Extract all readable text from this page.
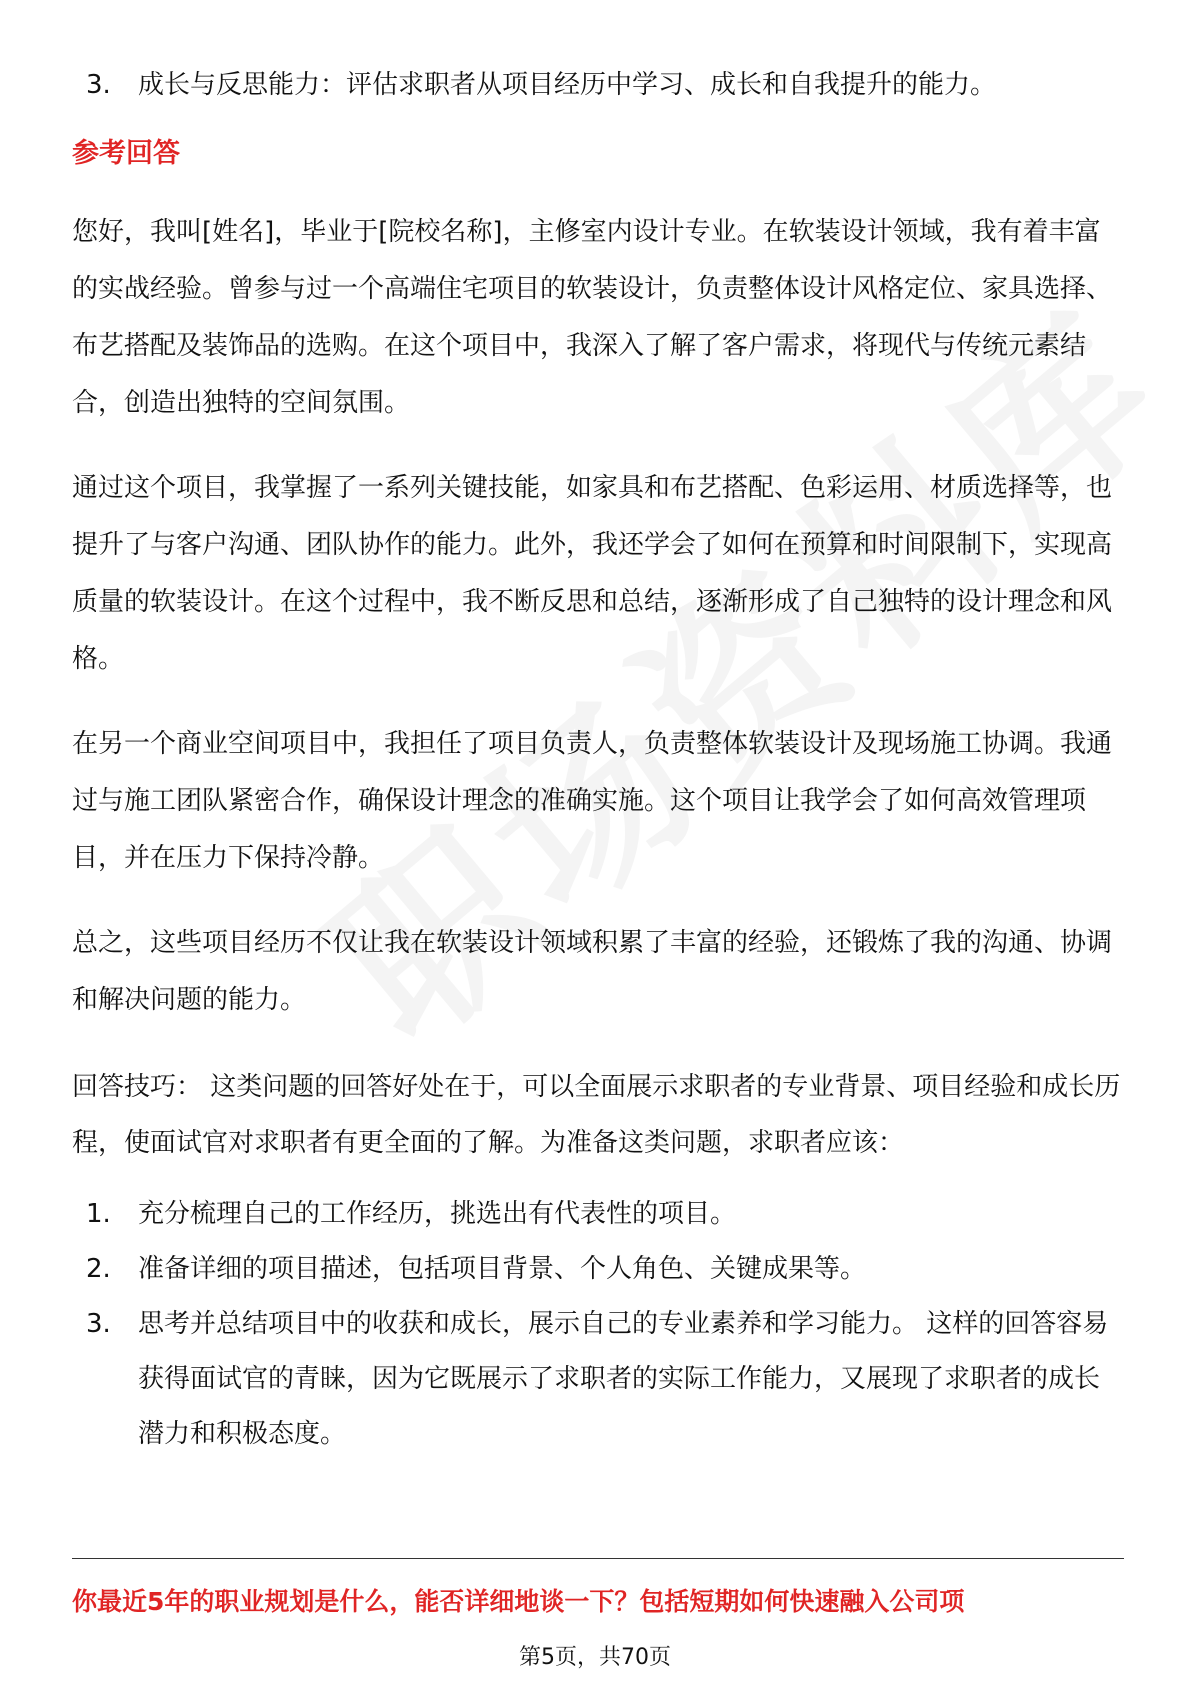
3.	成长与反思能力：评估求职者从项目经历中学习、成长和自我提升的能力。
参考回答
您好，我叫[姓名]，毕业于[院校名称]，主修室内设计专业。在软装设计领域，我有着丰富的实战经验。曾参与过一个高端住宅项目的软装设计，负责整体设计风格定位、家具选择、布艺搭配及装饰品的选购。在这个项目中，我深入了解了客户需求，将现代与传统元素结合，创造出独特的空间氛围。
通过这个项目，我掌握了一系列关键技能，如家具和布艺搭配、色彩运用、材质选择等，也提升了与客户沟通、团队协作的能力。此外，我还学会了如何在预算和时间限制下，实现高质量的软装设计。在这个过程中，我不断反思和总结，逐渐形成了自己独特的设计理念和风格。
在另一个商业空间项目中，我担任了项目负责人，负责整体软装设计及现场施工协调。我通过与施工团队紧密合作，确保设计理念的准确实施。这个项目让我学会了如何高效管理项目，并在压力下保持冷静。
总之，这些项目经历不仅让我在软装设计领域积累了丰富的经验，还锻炼了我的沟通、协调和解决问题的能力。
回答技巧： 这类问题的回答好处在于，可以全面展示求职者的专业背景、项目经验和成长历程，使面试官对求职者有更全面的了解。为准备这类问题，求职者应该：
1.	充分梳理自己的工作经历，挑选出有代表性的项目。
2.	准备详细的项目描述，包括项目背景、个人角色、关键成果等。
3.	思考并总结项目中的收获和成长，展示自己的专业素养和学习能力。 这样的回答容易获得面试官的青睐，因为它既展示了求职者的实际工作能力，又展现了求职者的成长潜力和积极态度。
你最近5年的职业规划是什么，能否详细地谈一下？包括短期如何快速融入公司项
第5页，共70页
